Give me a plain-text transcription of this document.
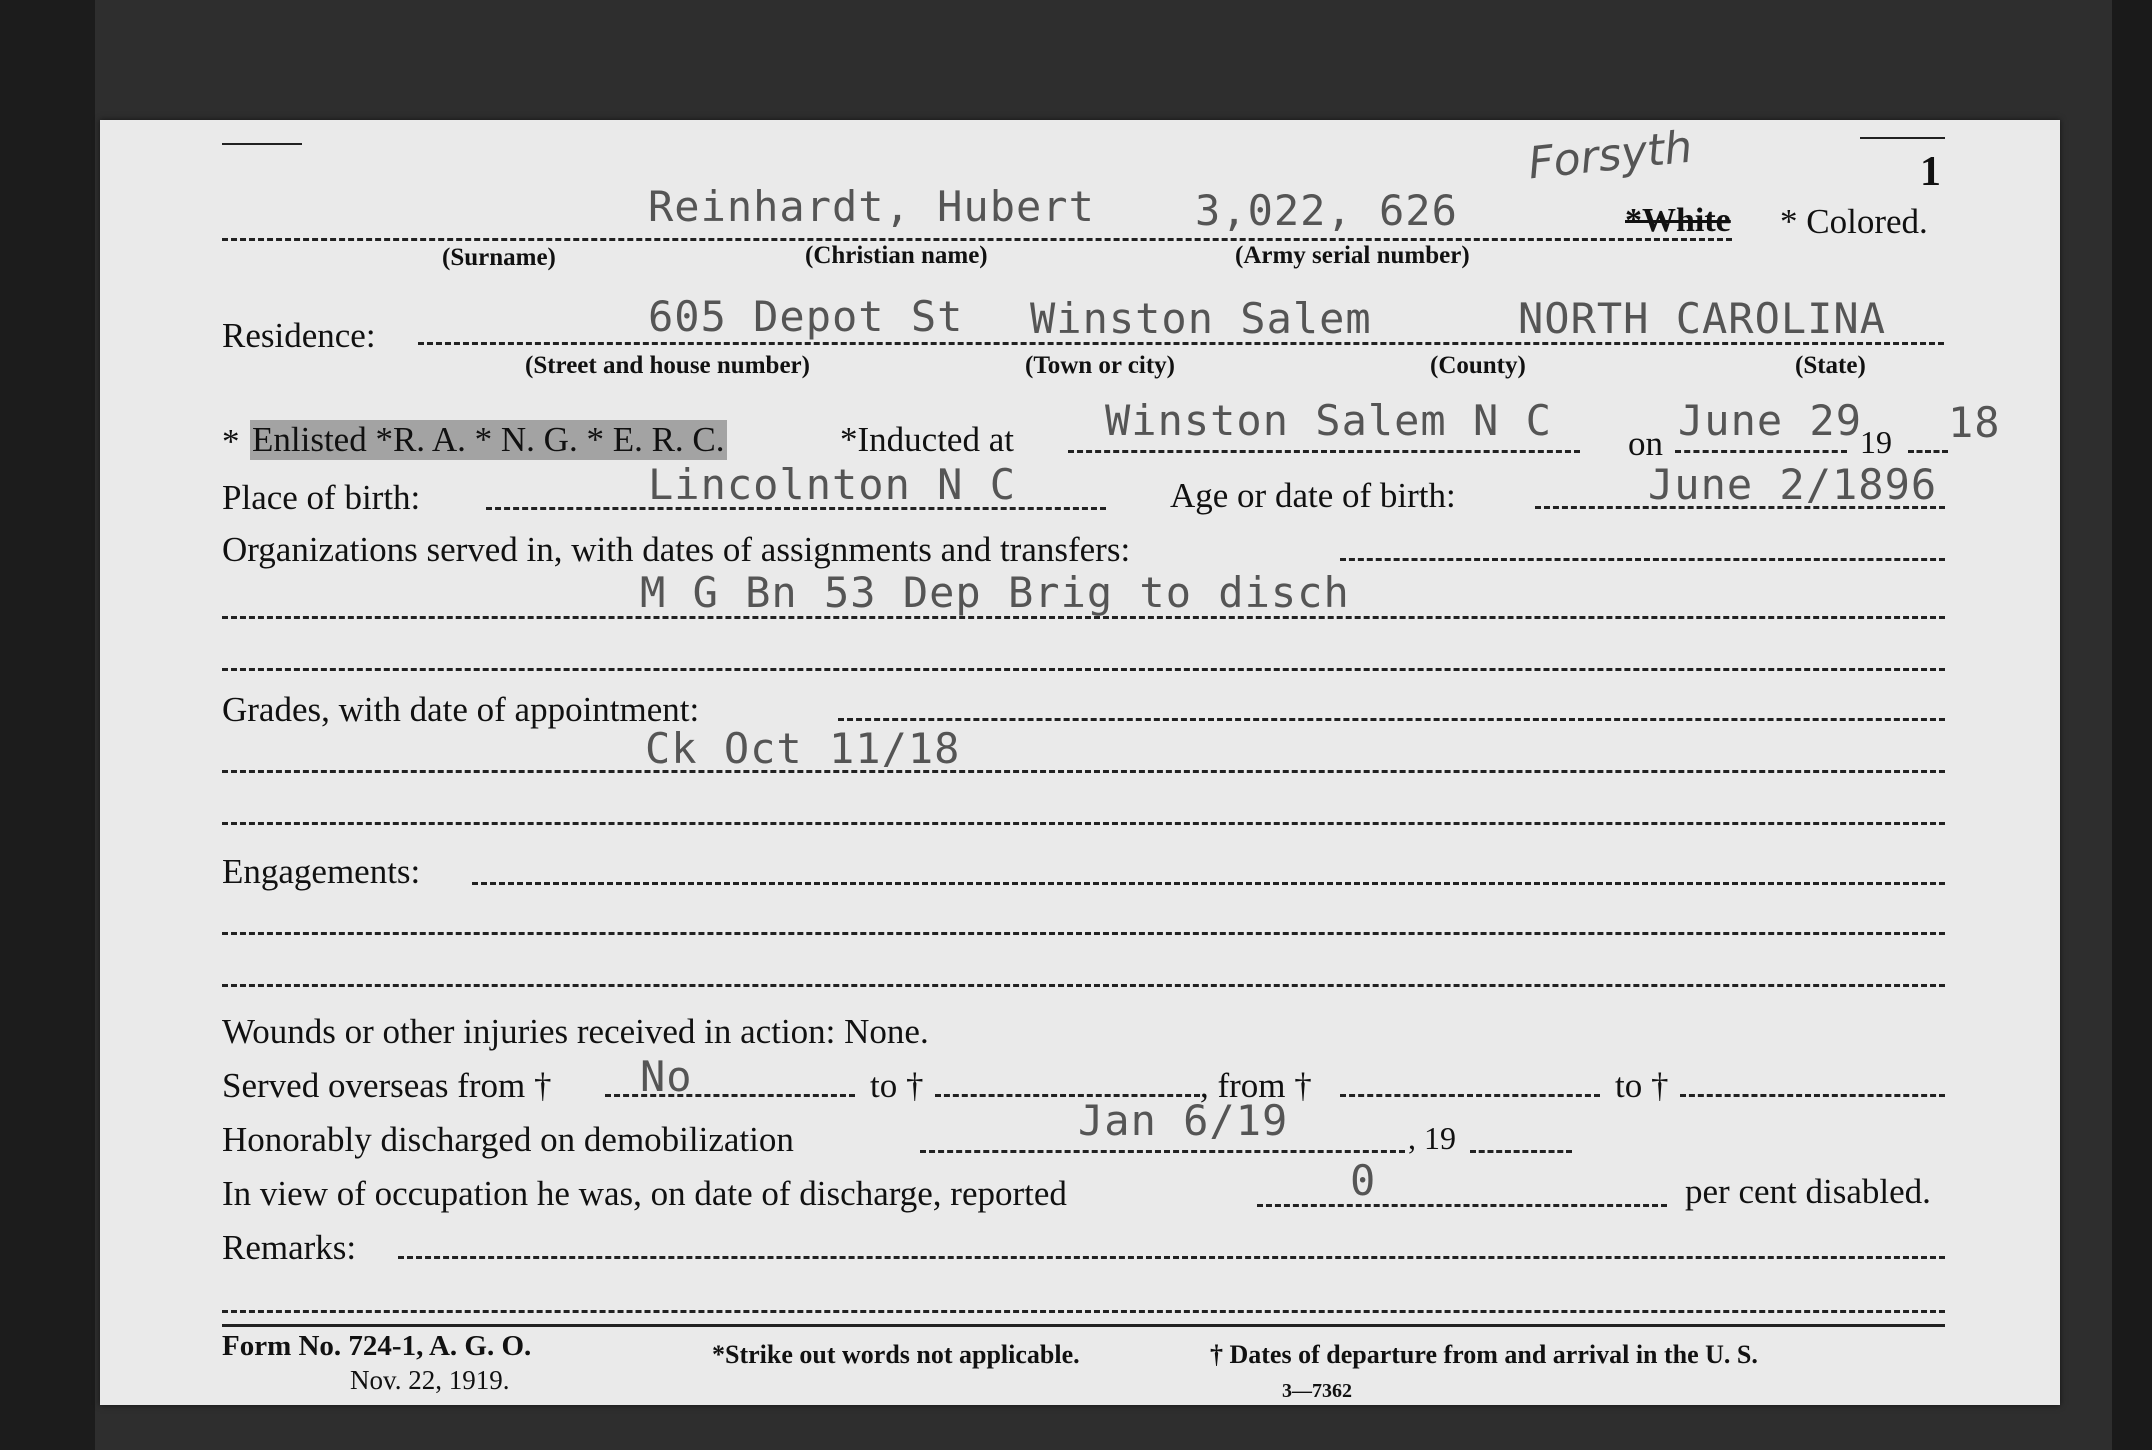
Forsyth	1
Reinhardt, Hubert 3,022, 626	*White * Colored.
(Surname)	(Christian name)	(Army serial number)
Residence:	605 Depot St Winston Salem	NORTH CAROLINA
(Street and house number)	(Town or city)	(County)	(State)
* Enlisted *R. A. * N. G. * E. R. C.	*Inducted at Winston Salem N C on June 29
19 18
Place of birth:	Lincolnton N C	Age or date of birth:	June 2/1896
Organizations served in, with dates of assignments and transfers:
M G Bn 53 Dep Brig to disch
Grades, with date of appointment:
Ck Oct 11/18
Engagements:
Wounds or other injuries received in action: None.
Served overseas from † No	to †	, from †	to †
Honorably discharged on demobilization	Jan 6/19	, 19
In view of occupation he was, on date of discharge, reported	0	per cent disabled.
Remarks:
Form No. 724-1, A. G. O.
Nov. 22, 1919.
*Strike out words not applicable.	† Dates of departure from and arrival in the U. S.
3—7362
